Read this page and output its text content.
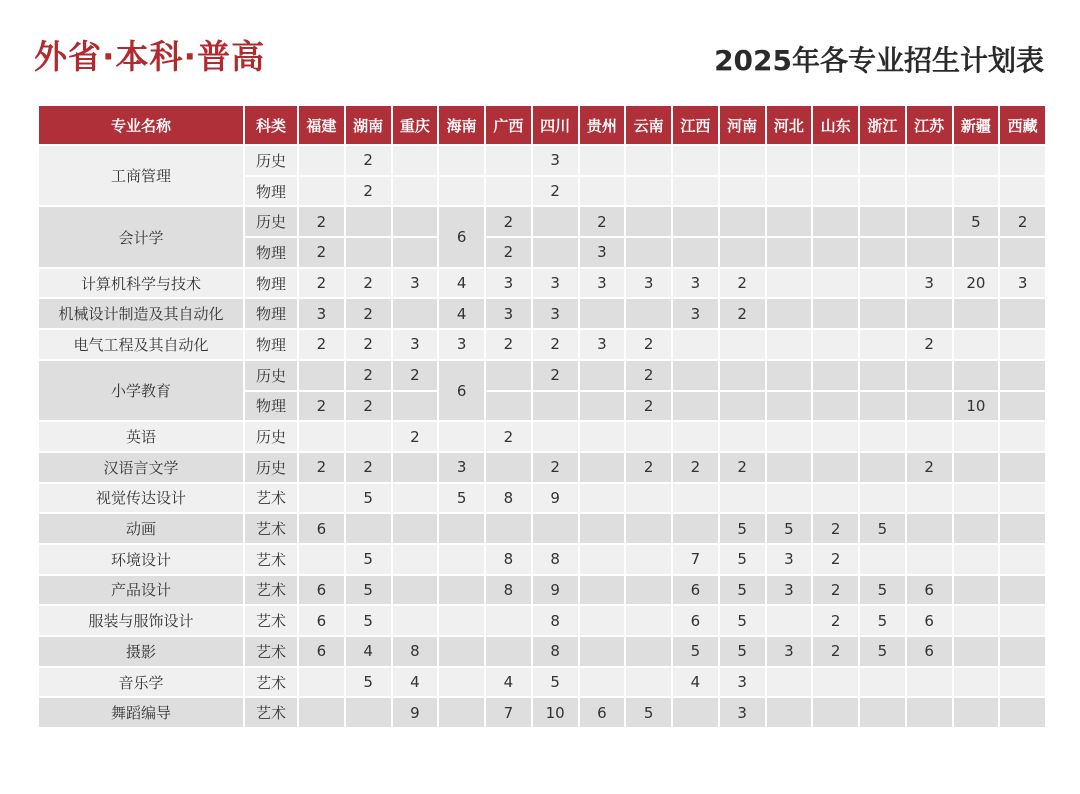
外省·本科·普高	2025年各专业招生计划表
专业名称	科类	福建	湖南	重庆	海南	广西	四川	贵州	云南	江西	河南	河北	山东	浙江	江苏	新疆	西藏
工商管理	历史		2				3										
	物理		2				2										
会计学	历史	2			6	2		2								5	2
	物理	2				2		3									
计算机科学与技术	物理	2	2	3	4	3	3	3	3	3	2				3	20	3
机械设计制造及其自动化	物理	3	2		4	3	3			3	2						
电气工程及其自动化	物理	2	2	3	3	2	2	3	2						2		
小学教育	历史		2	2	6		2		2								
	物理	2	2						2							10	
英语	历史			2		2											
汉语言文学	历史	2	2		3		2		2	2	2				2		
视觉传达设计	艺术		5		5	8	9										
动画	艺术	6									5	5	2	5			
环境设计	艺术		5			8	8			7	5	3	2				
产品设计	艺术	6	5			8	9			6	5	3	2	5	6		
服装与服饰设计	艺术	6	5				8			6	5		2	5	6		
摄影	艺术	6	4	8			8			5	5	3	2	5	6		
音乐学	艺术		5	4		4	5			4	3						
舞蹈编导	艺术			9		7	10	6	5		3						
